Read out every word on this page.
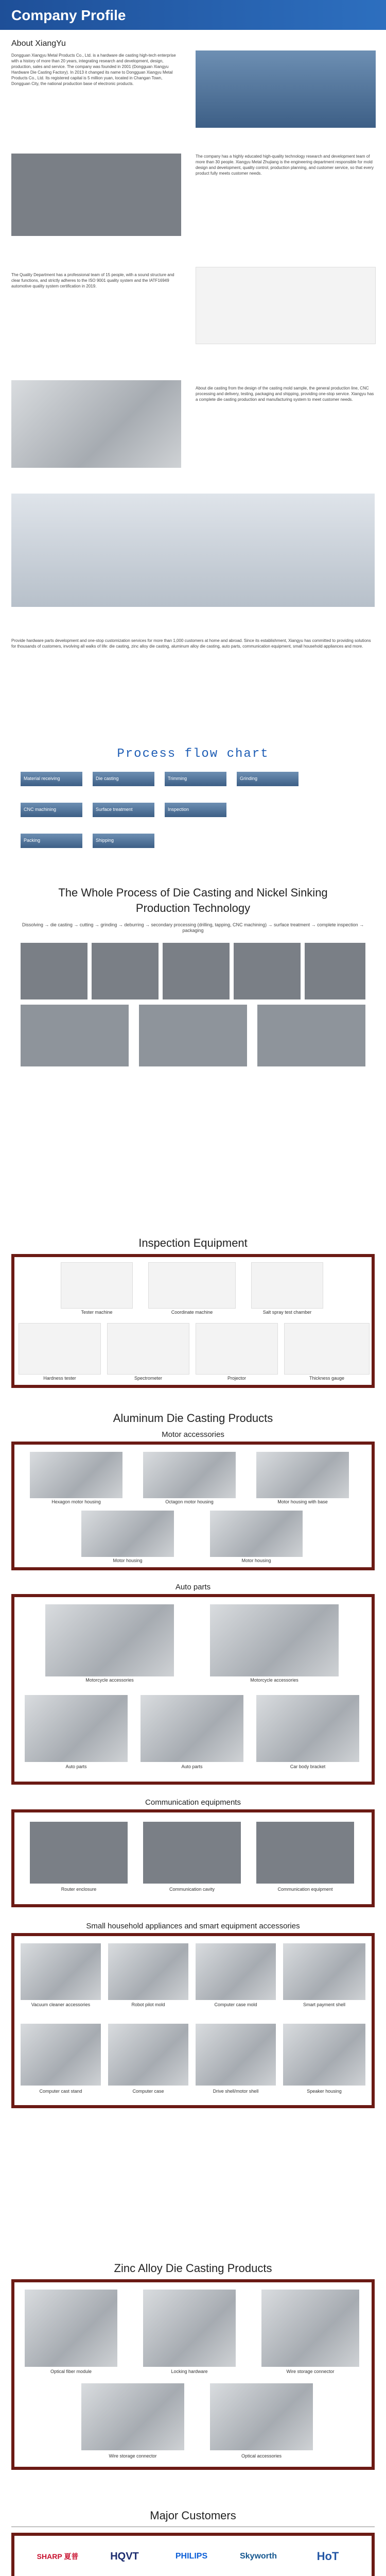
Company Profile
About XiangYu
Dongguan Xiangyu Metal Products Co., Ltd. is a hardware die casting high-tech enterprise with a history of more than 20 years, integrating research and development, design, production, sales and service. The company was founded in 2001 (Dongguan Xiangyu Hardware Die Casting Factory). In 2013 it changed its name to Dongguan Xiangyu Metal Products Co., Ltd. Its registered capital is 5 million yuan, located in Changan Town, Dongguan City, the national production base of electronic products.
The company has a highly educated high-quality technology research and development team of more than 30 people. Xiangyu Metal Zhujiang is the engineering department responsible for mold design and development, quality control, production planning, and customer service, so that every product fully meets customer needs.
The Quality Department has a professional team of 15 people, with a sound structure and clear functions, and strictly adheres to the ISO 9001 quality system and the IATF16949 automotive quality system certification in 2019.
About die casting from the design of the casting mold sample, the general production line, CNC processing and delivery, testing, packaging and shipping, providing one-stop service. Xiangyu has a complete die casting production and manufacturing system to meet customer needs.
Provide hardware parts development and one-stop customization services for more than 1,000 customers at home and abroad. Since its establishment, Xiangyu has committed to providing solutions for thousands of customers, involving all walks of life: die casting, zinc alloy die casting, aluminum alloy die casting, auto parts, communication equipment, small household appliances and more.
Process flow chart
Material receiving	Die casting	Trimming	Grinding
CNC machining	Surface treatment	Inspection
Packing	Shipping
The Whole Process of Die Casting and Nickel Sinking Production Technology
Dissolving → die casting → cutting → grinding → deburring → secondary processing (drilling, tapping, CNC machining) → surface treatment → complete inspection → packaging
Inspection Equipment
Tester machine	Coordinate machine	Salt spray test chamber
Hardness tester	Spectrometer	Projector	Thickness gauge
Aluminum Die Casting Products
Motor accessories
Hexagon motor housing	Octagon motor housing	Motor housing with base
Motor housing	Motor housing
Auto parts
Motorcycle accessories	Motorcycle accessories
Auto parts	Auto parts	Car body bracket
Communication equipments
Router enclosure	Communication cavity	Communication equipment
Small household appliances and smart equipment accessories
Vacuum cleaner accessories	Robot pilot mold	Computer case mold	Smart payment shell
Computer cast stand	Computer case	Drive shell/motor shell	Speaker housing
Zinc Alloy Die Casting Products
Optical fiber module	Locking hardware	Wire storage connector
Wire storage connector	Optical accessories
Major Customers
SHARP 夏普	HQVT	PHILIPS	Skyworth	HoT
